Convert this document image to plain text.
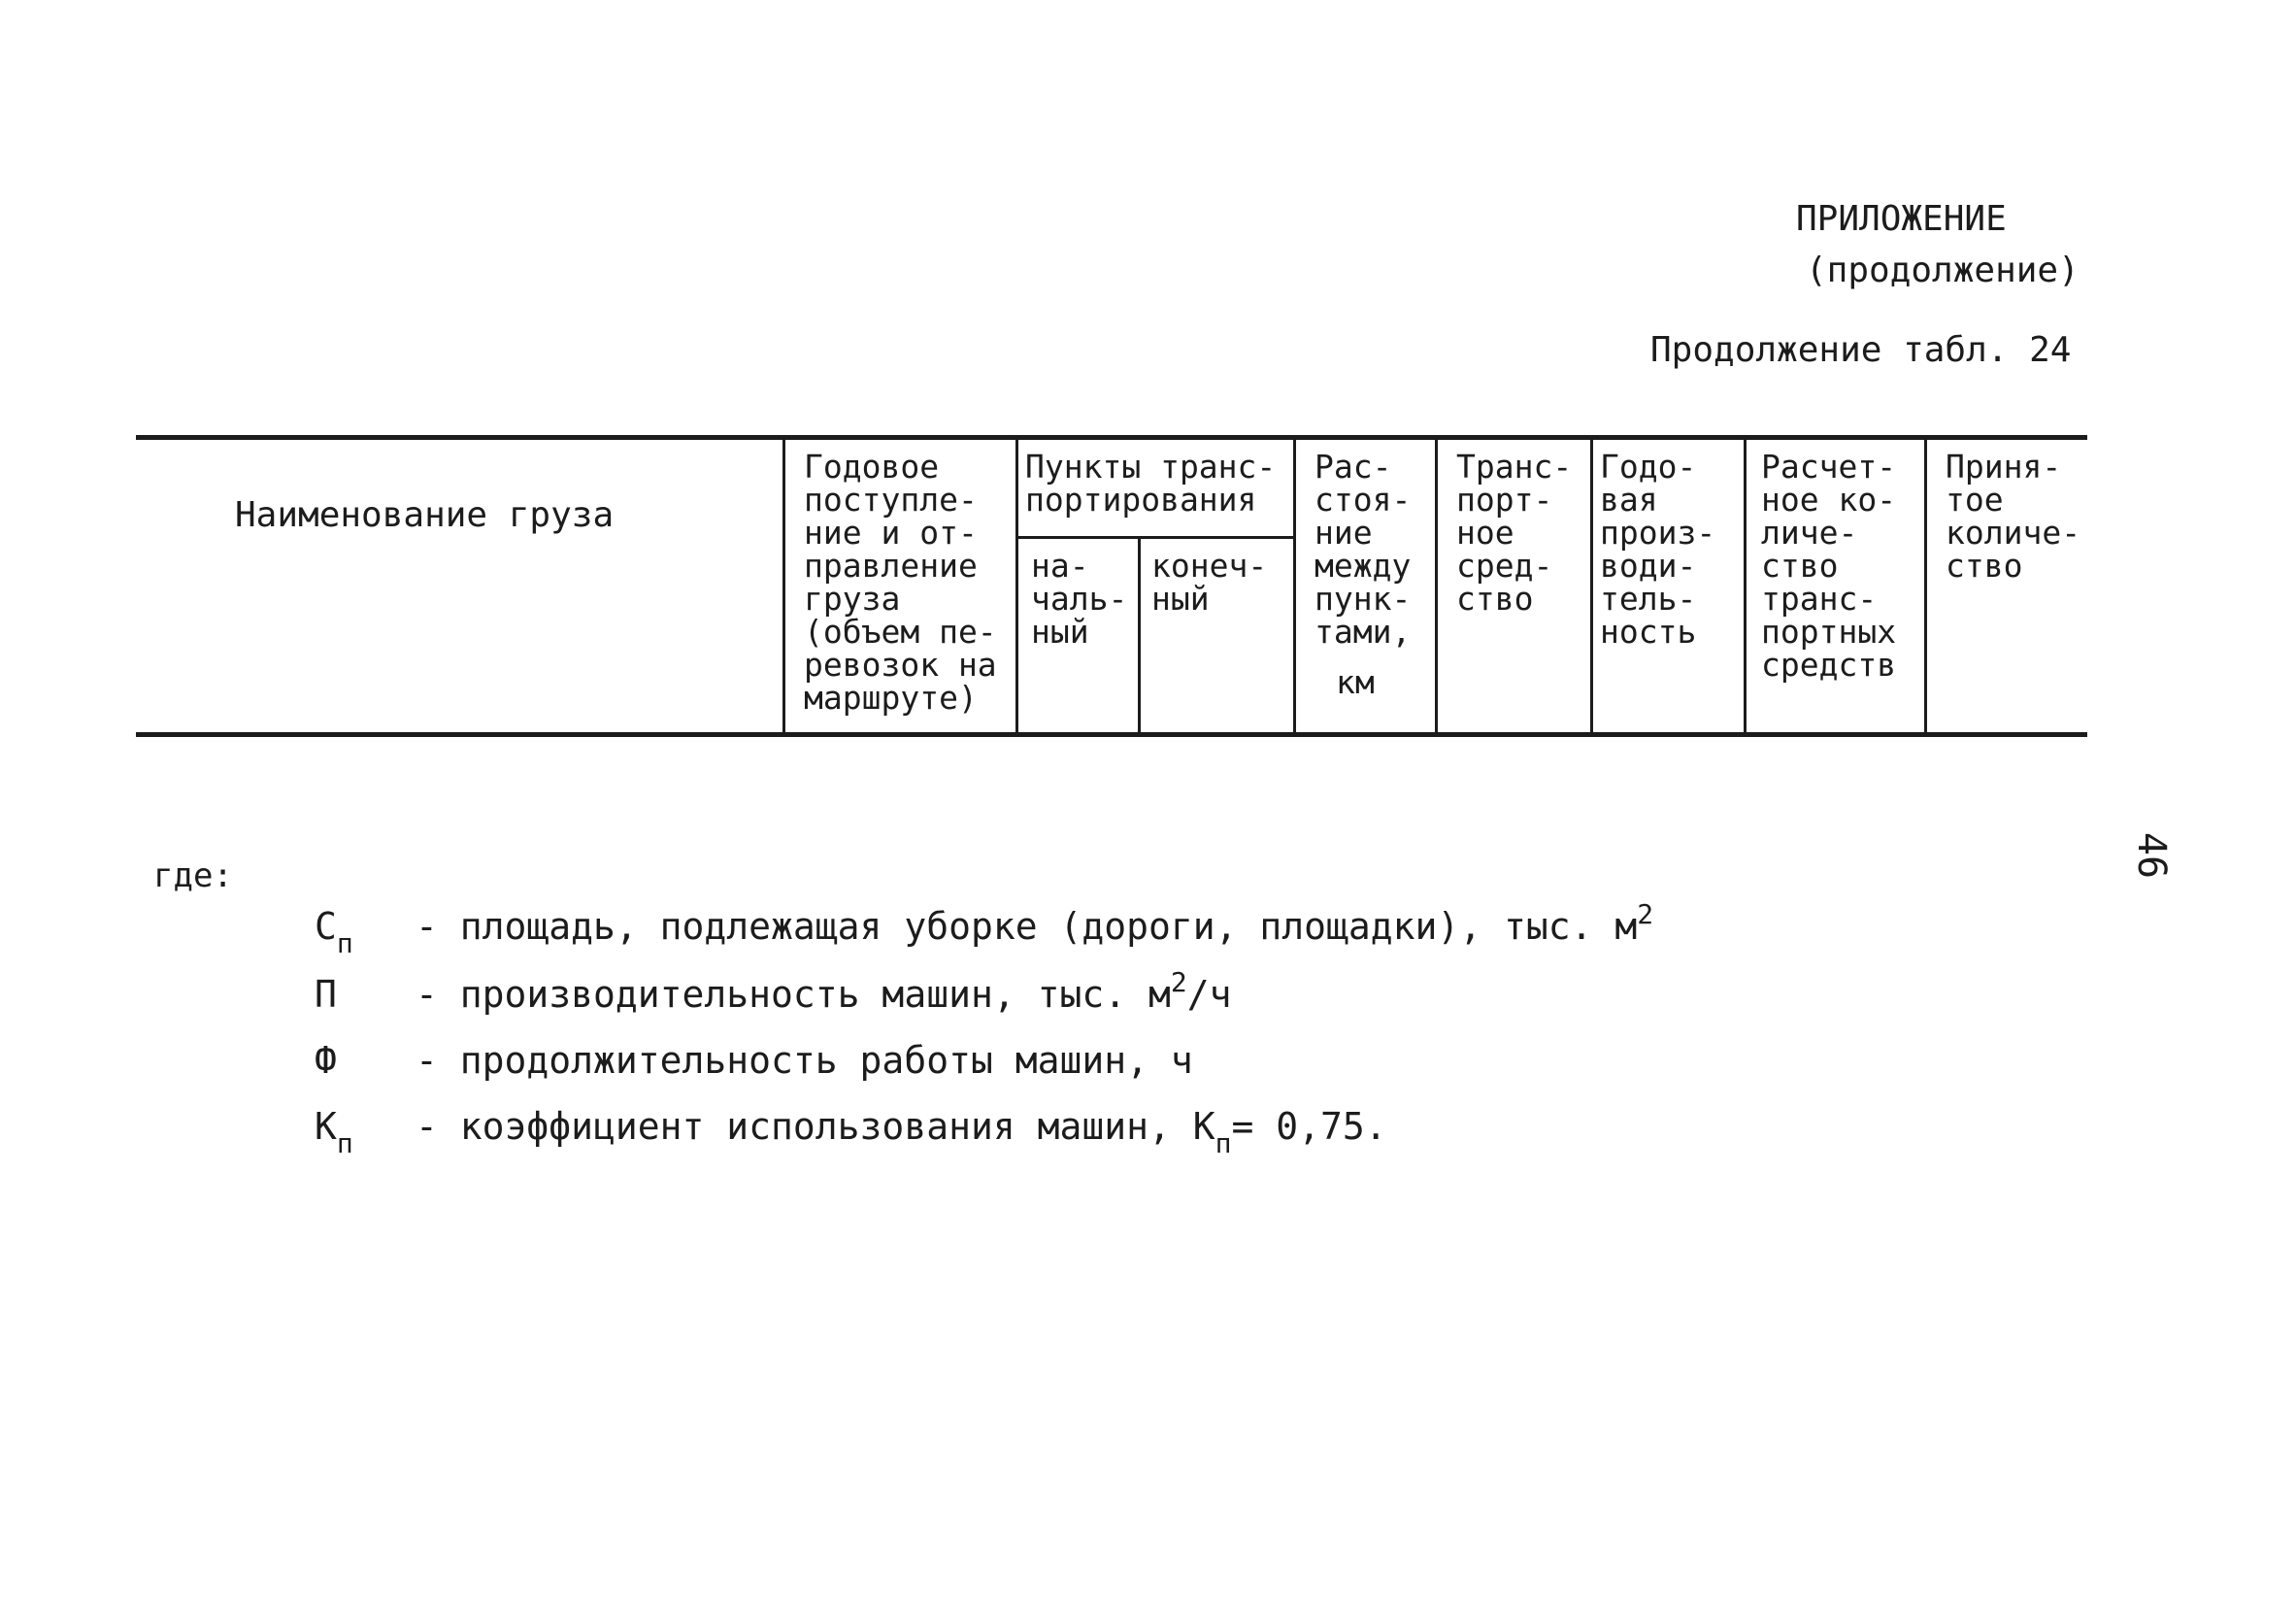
ПРИЛОЖЕНИЕ
(продолжение)
Продолжение табл. 24
Наименование груза
Годовое
поступле-
ние и от-
правление
груза
(объем пе-
ревозок на
маршруте)
Пункты транс-
портирования
на-
чаль-
ный
конеч-
ный
Рас-
стоя-
ние
между
пунк-
тами,
км
Транс-
порт-
ное
сред-
ство
Годо-
вая
произ-
води-
тель-
ность
Расчет-
ное ко-
личе-
ство
транс-
портных
средств
Приня-
тое
количе-
ство
где:
$С_п$ - площадь, подлежащая уборке (дороги, площадки), тыс. $м^2$
П - производительность машин, тыс. $м^2/ч$
Ф - продолжительность работы машин, ч
$К_п$ - коэффициент использования машин, $К_п= 0,75$.
46
